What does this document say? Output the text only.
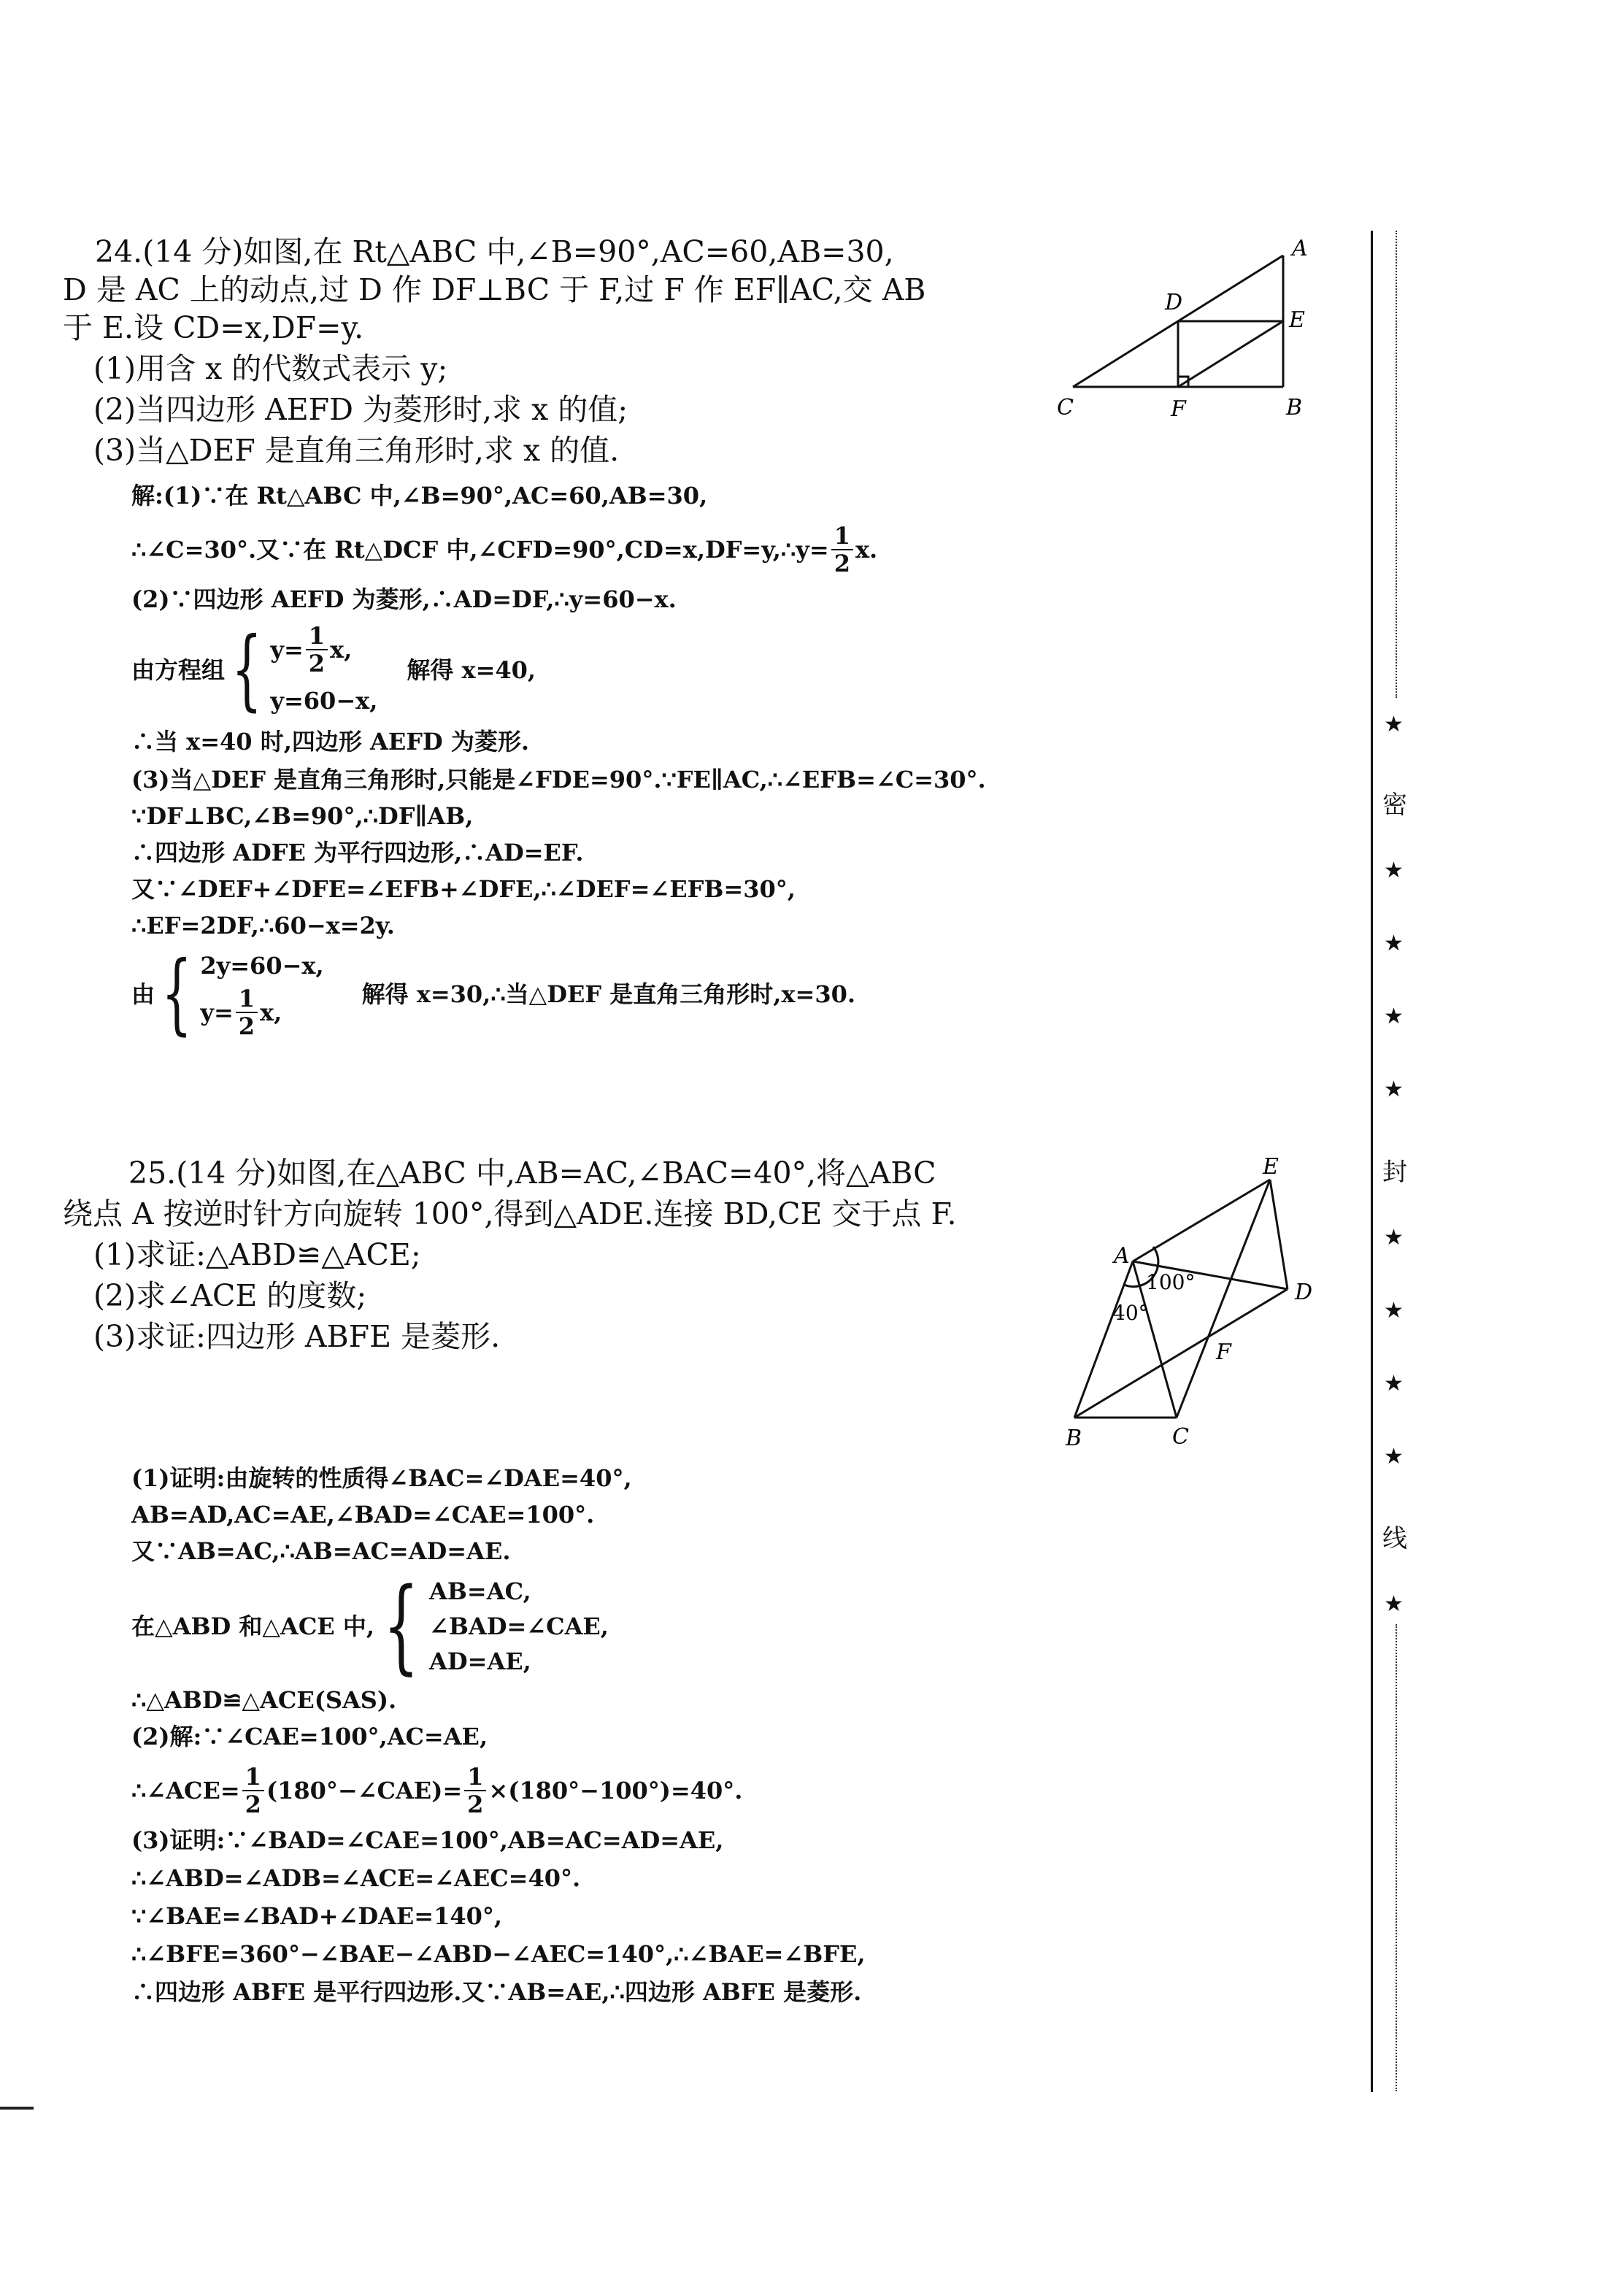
24.(14 分)如图,在 Rt△ABC 中,∠B=90°,AC=60,AB=30,
D 是 AC 上的动点,过 D 作 DF⊥BC 于 F,过 F 作 EF∥AC,交 AB
于 E.设 CD=x,DF=y.
(1)用含 x 的代数式表示 y;
(2)当四边形 AEFD 为菱形时,求 x 的值;
(3)当△DEF 是直角三角形时,求 x 的值.
A
B
C
D
E
F
解:(1)∵在 Rt△ABC 中,∠B=90°,AC=60,AB=30,
∴∠C=30°.又∵在 Rt△DCF 中,∠CFD=90°,CD=x,DF=y,∴y= $\frac{1}{2} x$.
(2)∵四边形 AEFD 为菱形,∴AD=DF,∴y=60−x.
由方程组 { $y= \frac{1}{2} x$,
y=60−x,
解得 x=40,
∴当 x=40 时,四边形 AEFD 为菱形.
(3)当△DEF 是直角三角形时,只能是∠FDE=90°.∵FE∥AC,∴∠EFB=∠C=30°.
∵DF⊥BC,∠B=90°,∴DF∥AB,
∴四边形 ADFE 为平行四边形,∴AD=EF.
又∵∠DEF+∠DFE=∠EFB+∠DFE,∴∠DEF=∠EFB=30°,
∴EF=2DF,∴60−x=2y.
由 { 2y=60−x,
$y= \frac{1}{2} x$,
解得 x=30,∴当△DEF 是直角三角形时,x=30.
25.(14 分)如图,在△ABC 中,AB=AC,∠BAC=40°,将△ABC
绕点 A 按逆时针方向旋转 100°,得到△ADE.连接 BD,CE 交于点 F.
(1)求证:△ABD≌△ACE;
(2)求∠ACE 的度数;
(3)求证:四边形 ABFE 是菱形.
E
A
D
F
B	C
100°
40°
(1)证明:由旋转的性质得∠BAC=∠DAE=40°,
AB=AD,AC=AE,∠BAD=∠CAE=100°.
又∵AB=AC,∴AB=AC=AD=AE.
在△ABD 和△ACE 中, { AB=AC,
∠BAD=∠CAE,
AD=AE,
∴△ABD≌△ACE(SAS).
(2)解:∵∠CAE=100°,AC=AE,
∴∠ACE= $\frac{1}{2}$ (180°−∠CAE)= $\frac{1}{2} \times(180^\circ-100^\circ)=40^\circ$.
(3)证明:∵∠BAD=∠CAE=100°,AB=AC=AD=AE,
∴∠ABD=∠ADB=∠ACE=∠AEC=40°.
∵∠BAE=∠BAD+∠DAE=140°,
∴∠BFE=360°−∠BAE−∠ABD−∠AEC=140°,∴∠BAE=∠BFE,
∴四边形 ABFE 是平行四边形.又∵AB=AE,∴四边形 ABFE 是菱形.
★
密
★
★
★
★
封
★
★
★
★
线
★
